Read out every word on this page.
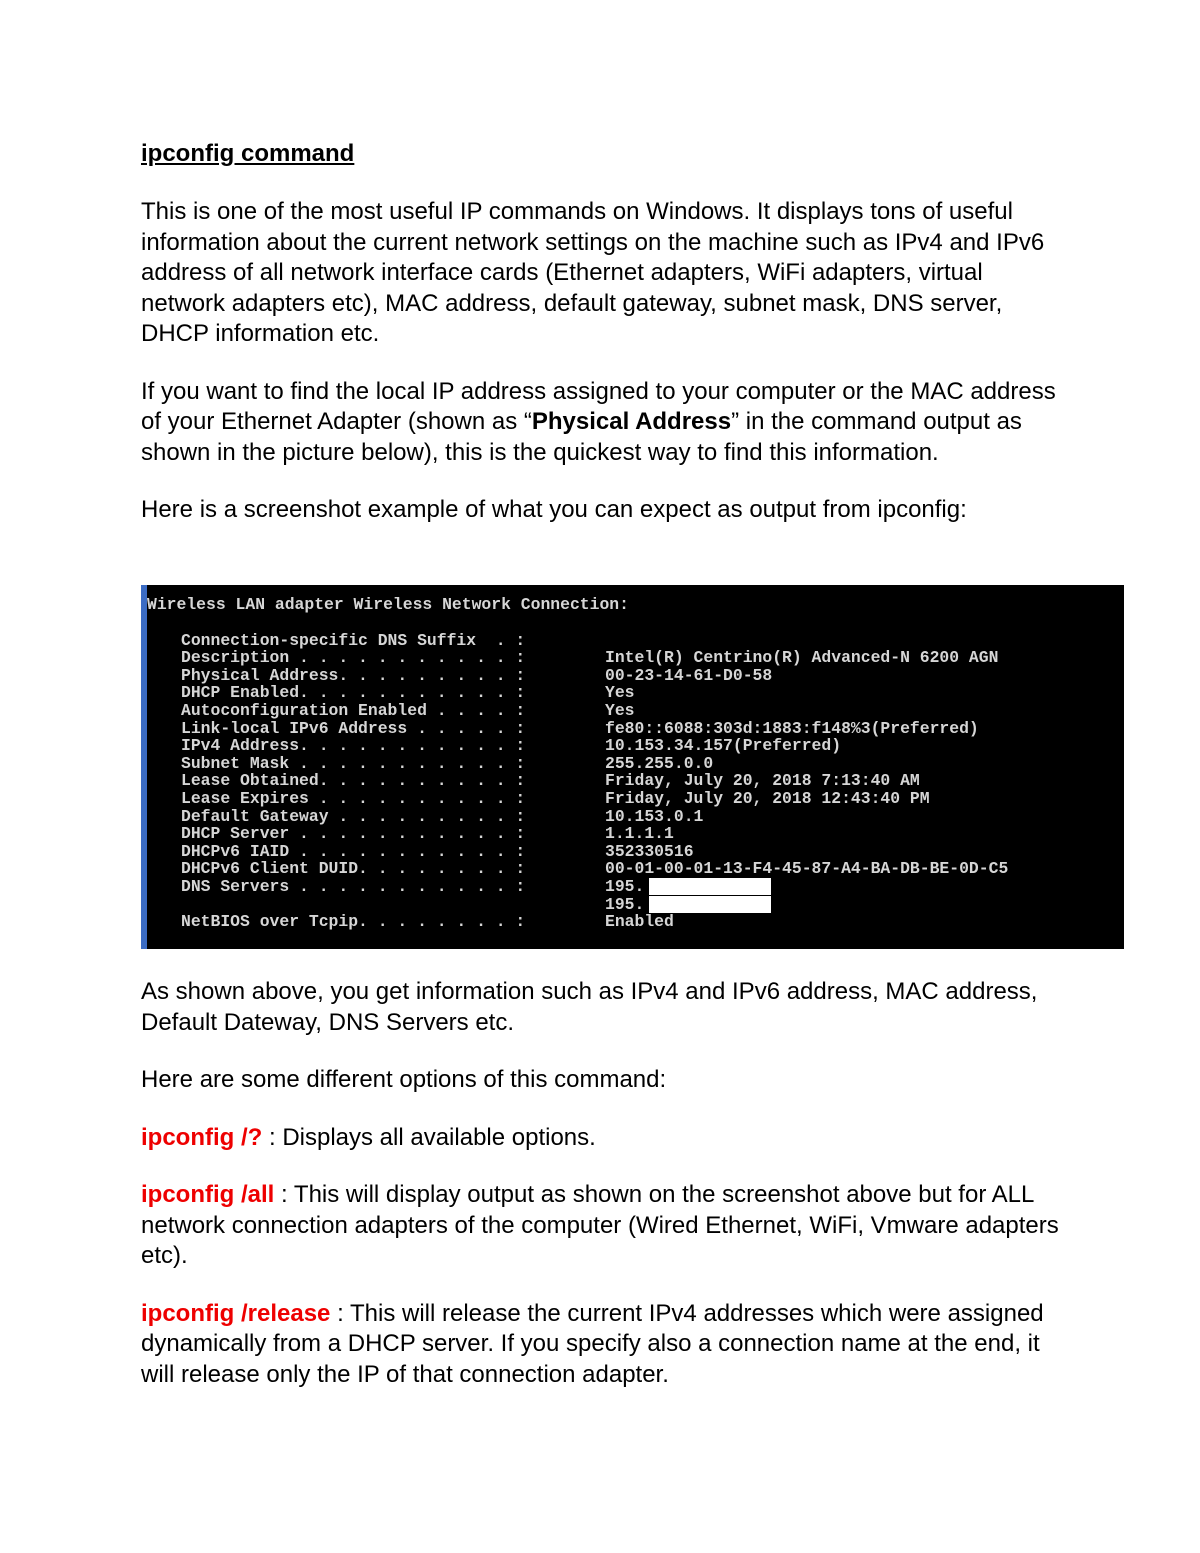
ipconfig command

This is one of the most useful IP commands on Windows. It displays tons of useful information about the current network settings on the machine such as IPv4 and IPv6 address of all network interface cards (Ethernet adapters, WiFi adapters, virtual network adapters etc), MAC address, default gateway, subnet mask, DNS server, DHCP information etc.

If you want to find the local IP address assigned to your computer or the MAC address of your Ethernet Adapter (shown as “Physical Address” in the command output as shown in the picture below), this is the quickest way to find this information.

Here is a screenshot example of what you can expect as output from ipconfig:

Wireless LAN adapter Wireless Network Connection:
Connection-specific DNS Suffix  . :
Description . . . . . . . . . . . :	Intel(R) Centrino(R) Advanced-N 6200 AGN
Physical Address. . . . . . . . . :	00-23-14-61-D0-58
DHCP Enabled. . . . . . . . . . . :	Yes
Autoconfiguration Enabled . . . . :	Yes
Link-local IPv6 Address . . . . . :	fe80::6088:303d:1883:f148%3(Preferred)
IPv4 Address. . . . . . . . . . . :	10.153.34.157(Preferred)
Subnet Mask . . . . . . . . . . . :	255.255.0.0
Lease Obtained. . . . . . . . . . :	Friday, July 20, 2018 7:13:40 AM
Lease Expires . . . . . . . . . . :	Friday, July 20, 2018 12:43:40 PM
Default Gateway . . . . . . . . . :	10.153.0.1
DHCP Server . . . . . . . . . . . :	1.1.1.1
DHCPv6 IAID . . . . . . . . . . . :	352330516
DHCPv6 Client DUID. . . . . . . . :	00-01-00-01-13-F4-45-87-A4-BA-DB-BE-0D-C5
DNS Servers . . . . . . . . . . . :	195.
195.
NetBIOS over Tcpip. . . . . . . . :	Enabled

As shown above, you get information such as IPv4 and IPv6 address, MAC address, Default Dateway, DNS Servers etc.

Here are some different options of this command:

ipconfig /? : Displays all available options.

ipconfig /all : This will display output as shown on the screenshot above but for ALL network connection adapters of the computer (Wired Ethernet, WiFi, Vmware adapters etc).

ipconfig /release : This will release the current IPv4 addresses which were assigned dynamically from a DHCP server. If you specify also a connection name at the end, it will release only the IP of that connection adapter.
